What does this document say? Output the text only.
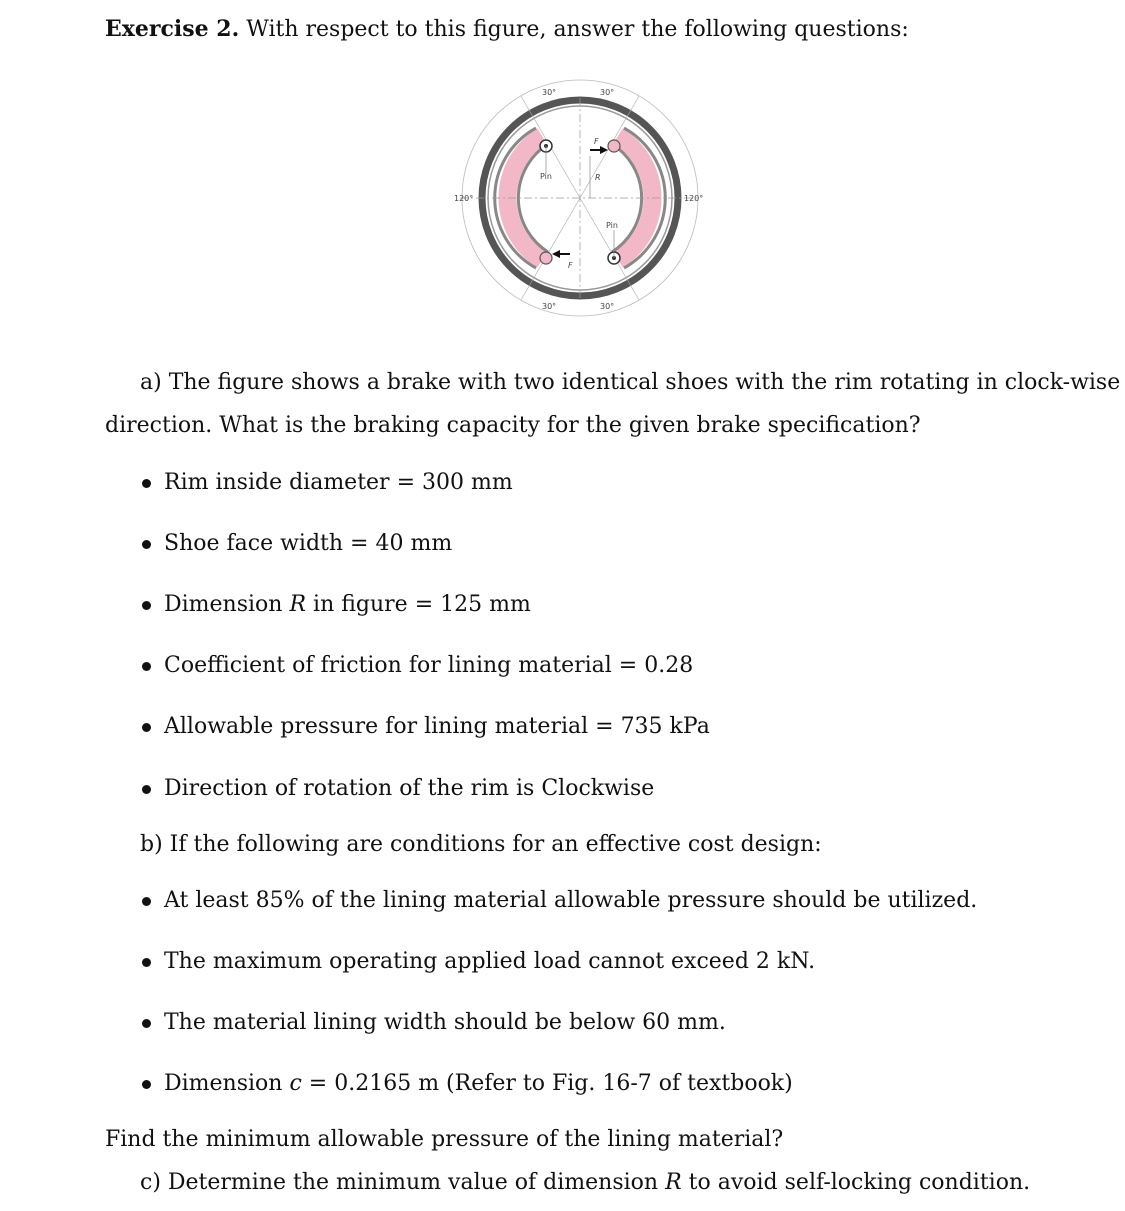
Exercise 2. With respect to this figure, answer the following questions:
30°	30°
30°	30°
120°	120°
Pin
Pin
F
F
R
a) The figure shows a brake with two identical shoes with the rim rotating in clock-wise
direction. What is the braking capacity for the given brake specification?
Rim inside diameter = 300 mm
Shoe face width = 40 mm
Dimension R in figure = 125 mm
Coefficient of friction for lining material = 0.28
Allowable pressure for lining material = 735 kPa
Direction of rotation of the rim is Clockwise
b) If the following are conditions for an effective cost design:
At least 85% of the lining material allowable pressure should be utilized.
The maximum operating applied load cannot exceed 2 kN.
The material lining width should be below 60 mm.
Dimension c = 0.2165 m (Refer to Fig. 16-7 of textbook)
Find the minimum allowable pressure of the lining material?
c) Determine the minimum value of dimension R to avoid self-locking condition.
